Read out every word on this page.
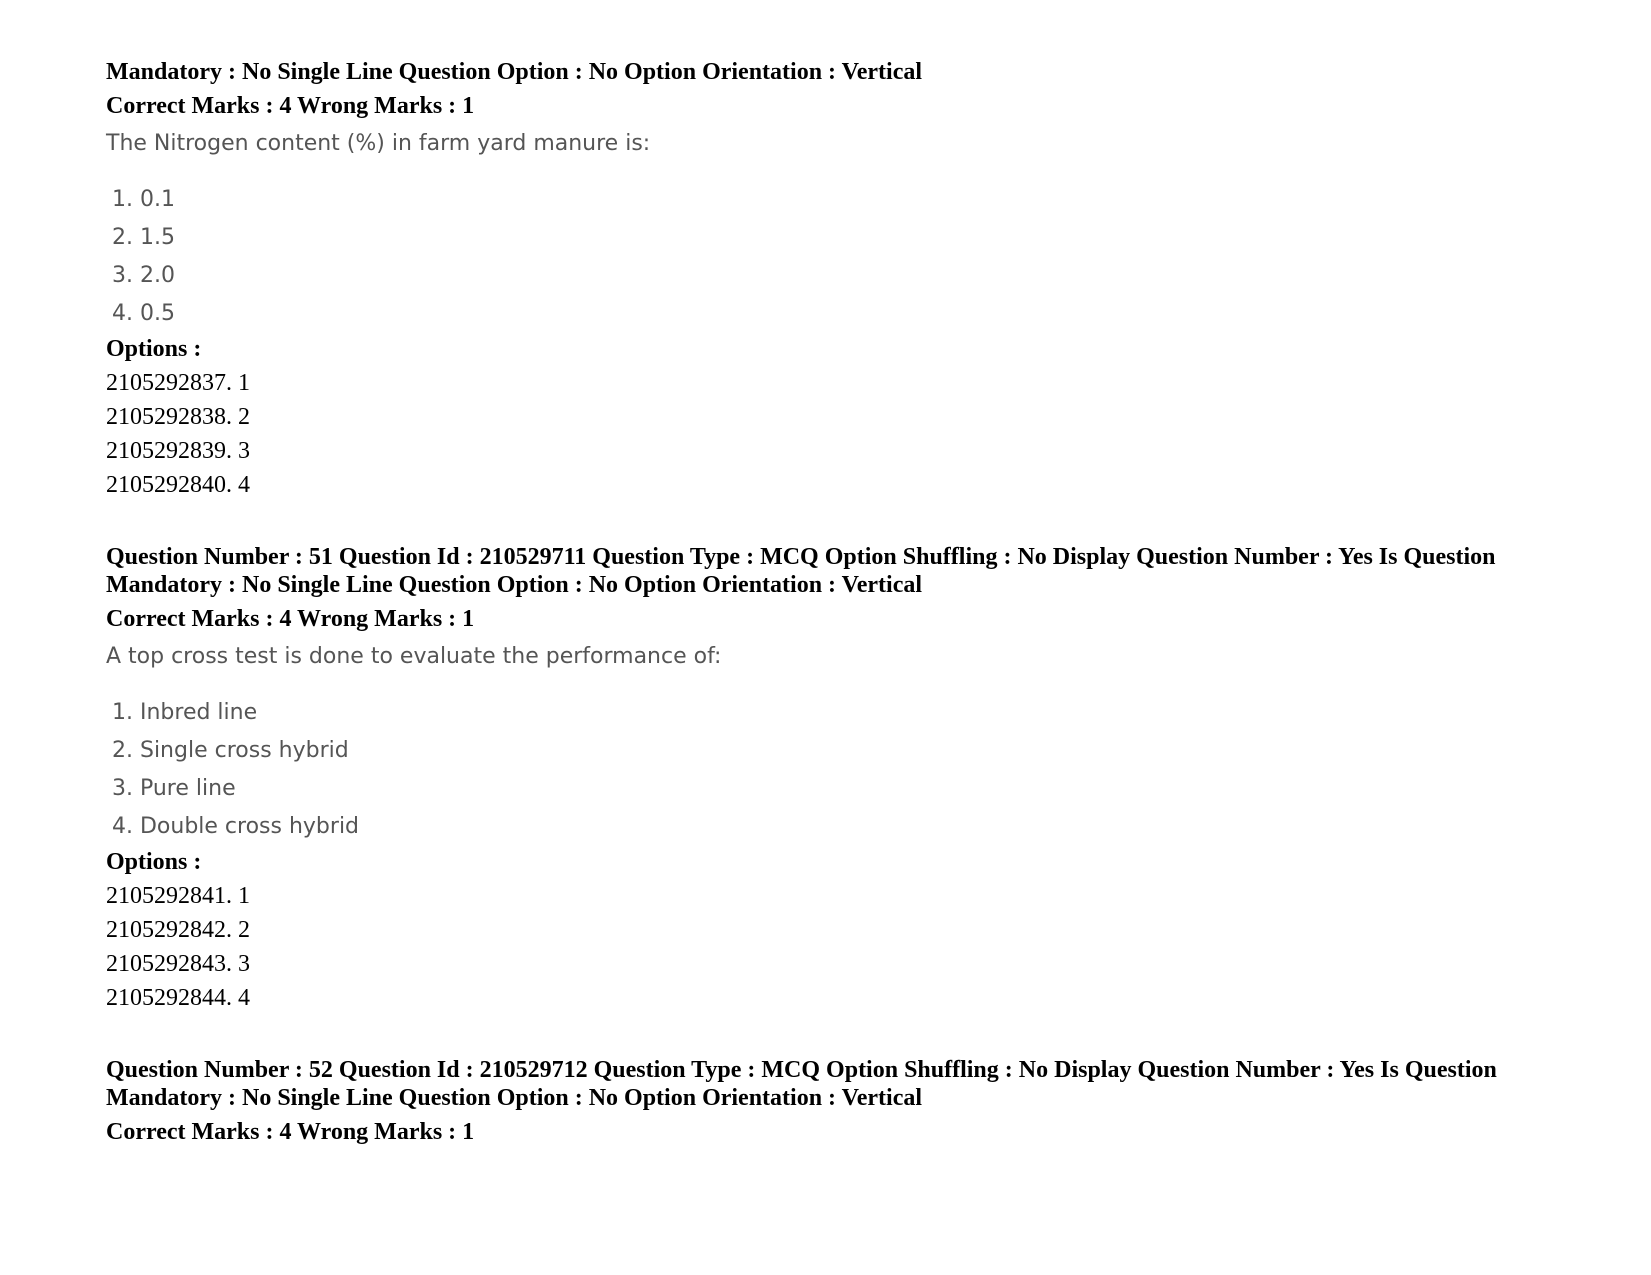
Mandatory : No Single Line Question Option : No Option Orientation : Vertical

Correct Marks : 4 Wrong Marks : 1

The Nitrogen content (%) in farm yard manure is:

1. 0.1
2. 1.5
3. 2.0
4. 0.5

Options :

2105292837. 1
2105292838. 2
2105292839. 3
2105292840. 4

Question Number : 51 Question Id : 210529711 Question Type : MCQ Option Shuffling : No Display Question Number : Yes Is Question

Mandatory : No Single Line Question Option : No Option Orientation : Vertical

Correct Marks : 4 Wrong Marks : 1

A top cross test is done to evaluate the performance of:

1. Inbred line
2. Single cross hybrid
3. Pure line
4. Double cross hybrid

Options :

2105292841. 1
2105292842. 2
2105292843. 3
2105292844. 4

Question Number : 52 Question Id : 210529712 Question Type : MCQ Option Shuffling : No Display Question Number : Yes Is Question

Mandatory : No Single Line Question Option : No Option Orientation : Vertical

Correct Marks : 4 Wrong Marks : 1
